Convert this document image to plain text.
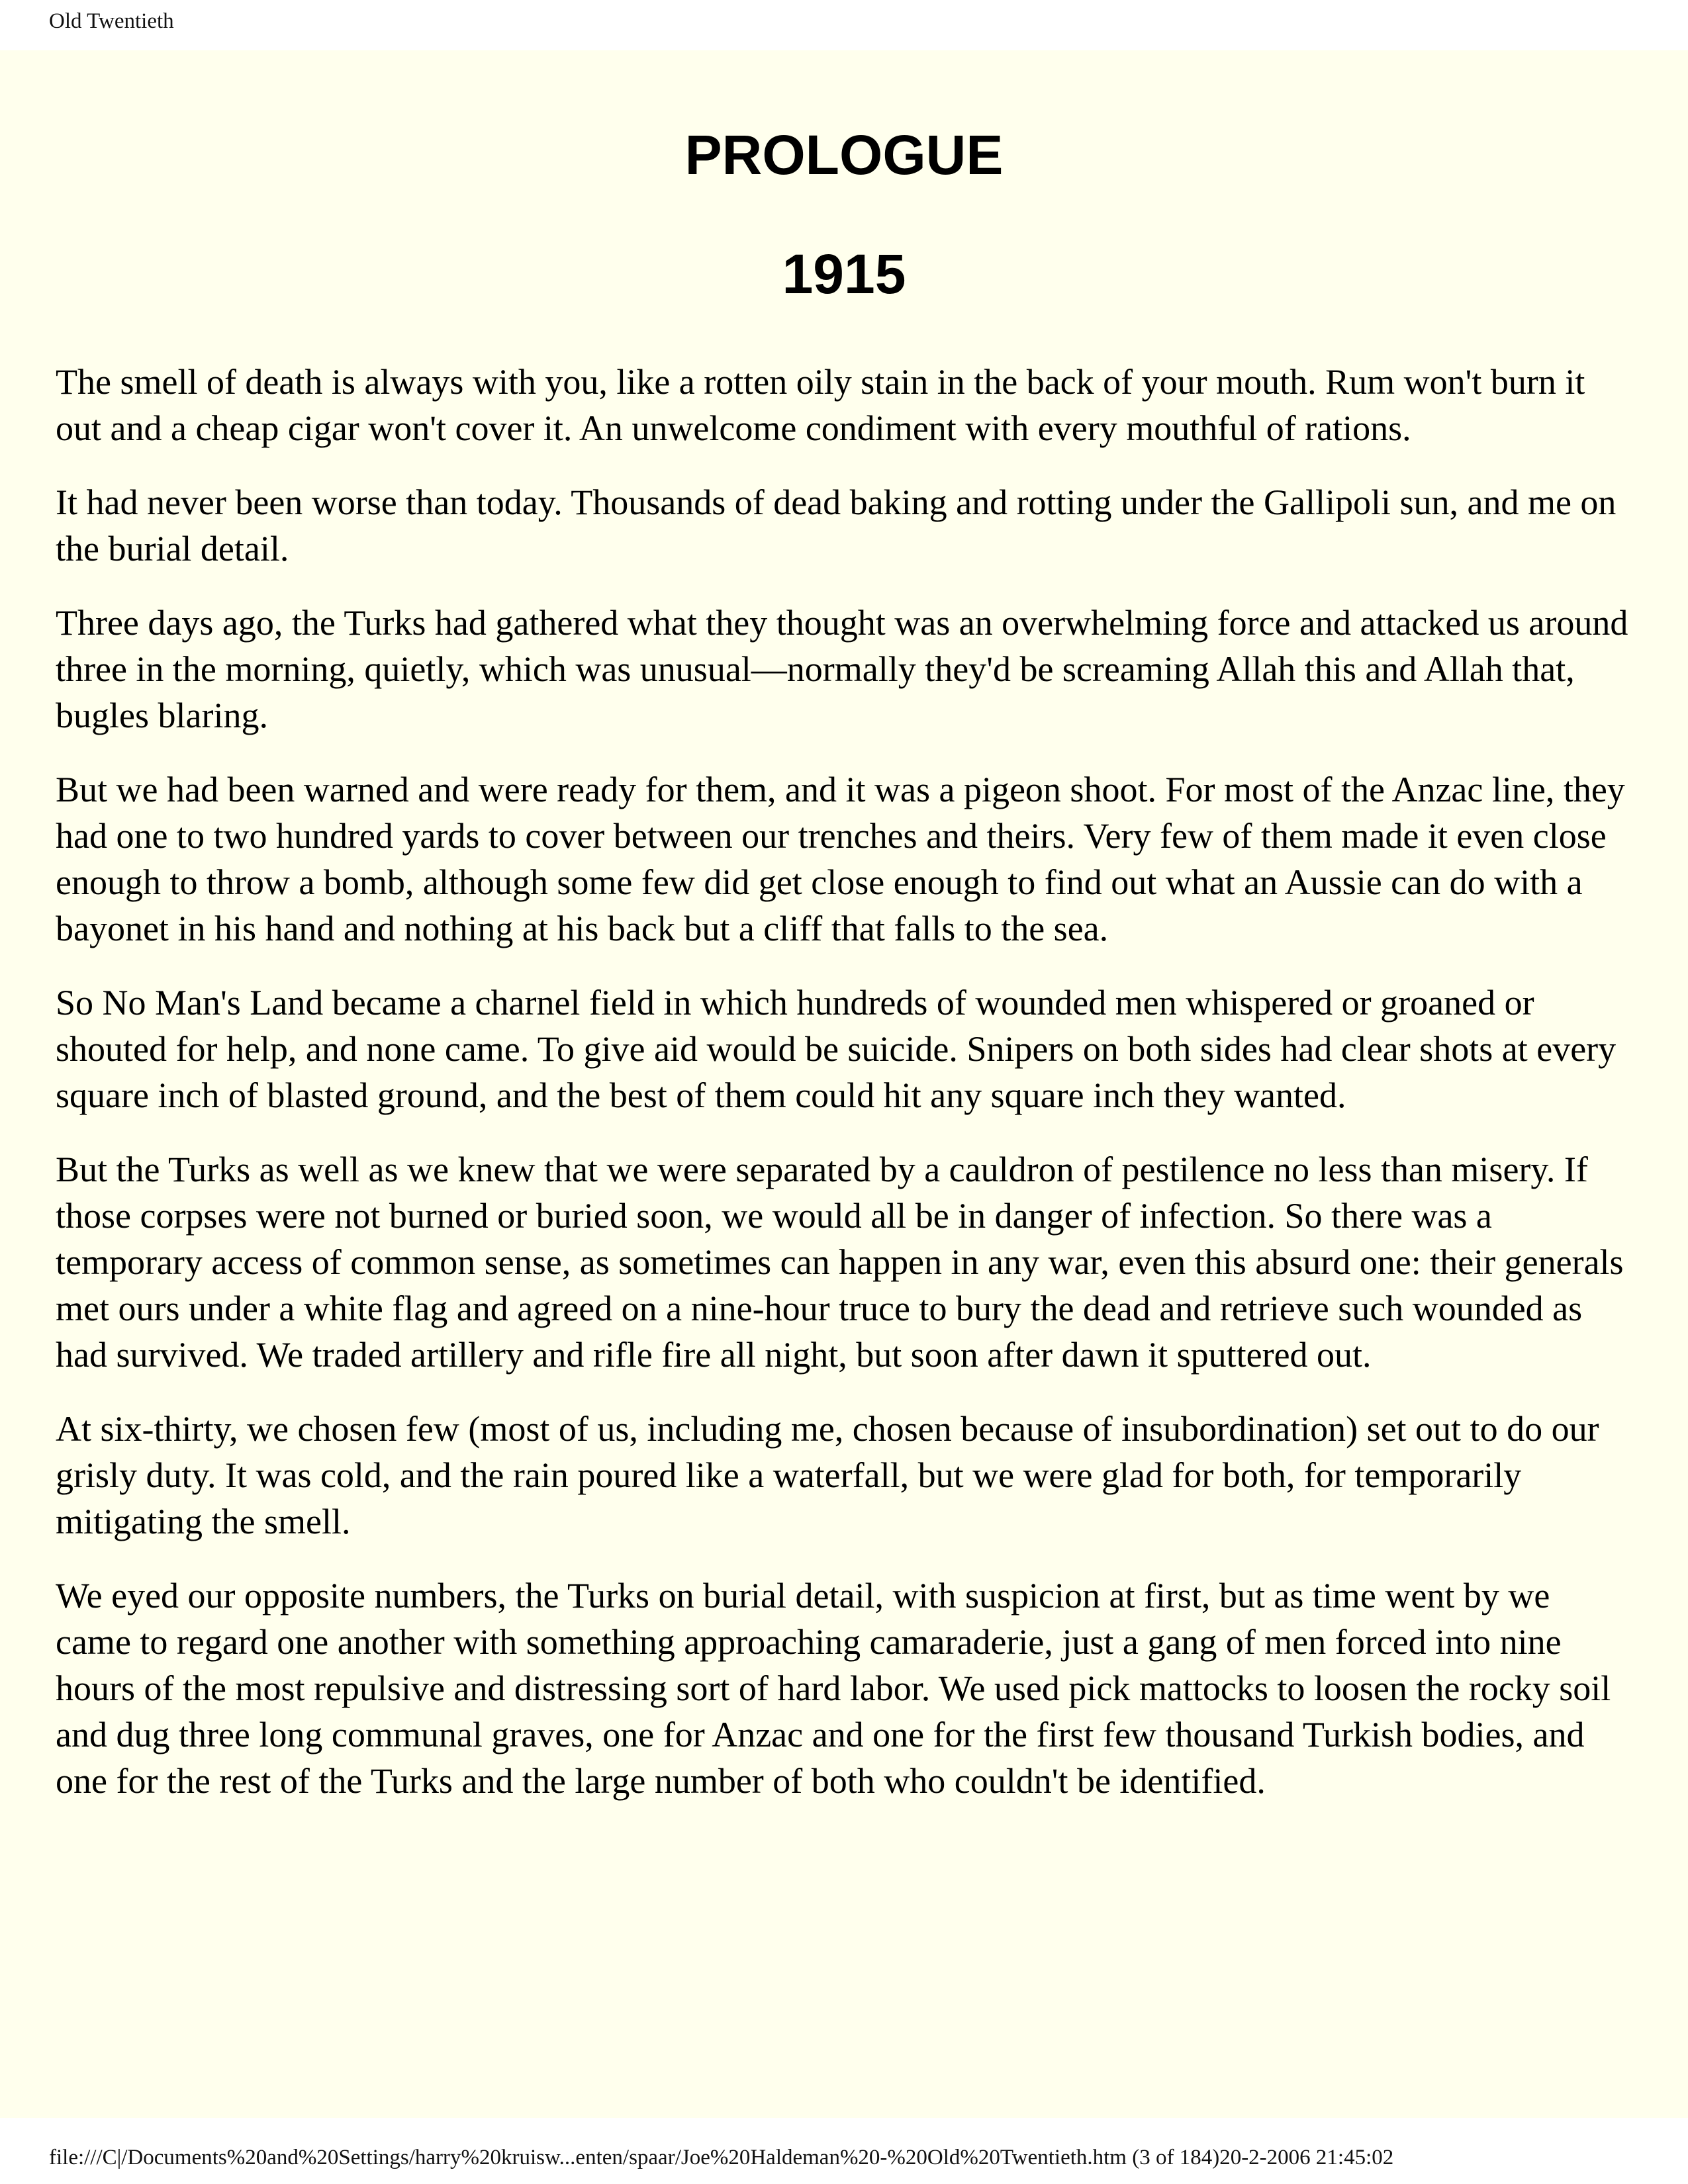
Old Twentieth
PROLOGUE
1915

The smell of death is always with you, like a rotten oily stain in the back of your mouth. Rum won't burn it out and a cheap cigar won't cover it. An unwelcome condiment with every mouthful of rations.

It had never been worse than today. Thousands of dead baking and rotting under the Gallipoli sun, and me on the burial detail.

Three days ago, the Turks had gathered what they thought was an overwhelming force and attacked us around three in the morning, quietly, which was unusual—normally they'd be screaming Allah this and Allah that, bugles blaring.

But we had been warned and were ready for them, and it was a pigeon shoot. For most of the Anzac line, they had one to two hundred yards to cover between our trenches and theirs. Very few of them made it even close enough to throw a bomb, although some few did get close enough to find out what an Aussie can do with a bayonet in his hand and nothing at his back but a cliff that falls to the sea.

So No Man's Land became a charnel field in which hundreds of wounded men whispered or groaned or shouted for help, and none came. To give aid would be suicide. Snipers on both sides had clear shots at every square inch of blasted ground, and the best of them could hit any square inch they wanted.

But the Turks as well as we knew that we were separated by a cauldron of pestilence no less than misery. If those corpses were not burned or buried soon, we would all be in danger of infection. So there was a temporary access of common sense, as sometimes can happen in any war, even this absurd one: their generals met ours under a white flag and agreed on a nine-hour truce to bury the dead and retrieve such wounded as had survived. We traded artillery and rifle fire all night, but soon after dawn it sputtered out.

At six-thirty, we chosen few (most of us, including me, chosen because of insubordination) set out to do our grisly duty. It was cold, and the rain poured like a waterfall, but we were glad for both, for temporarily mitigating the smell.

We eyed our opposite numbers, the Turks on burial detail, with suspicion at first, but as time went by we came to regard one another with something approaching camaraderie, just a gang of men forced into nine hours of the most repulsive and distressing sort of hard labor. We used pick mattocks to loosen the rocky soil and dug three long communal graves, one for Anzac and one for the first few thousand Turkish bodies, and one for the rest of the Turks and the large number of both who couldn't be identified.

file:///C|/Documents%20and%20Settings/harry%20kruisw...enten/spaar/Joe%20Haldeman%20-%20Old%20Twentieth.htm (3 of 184)20-2-2006 21:45:02
